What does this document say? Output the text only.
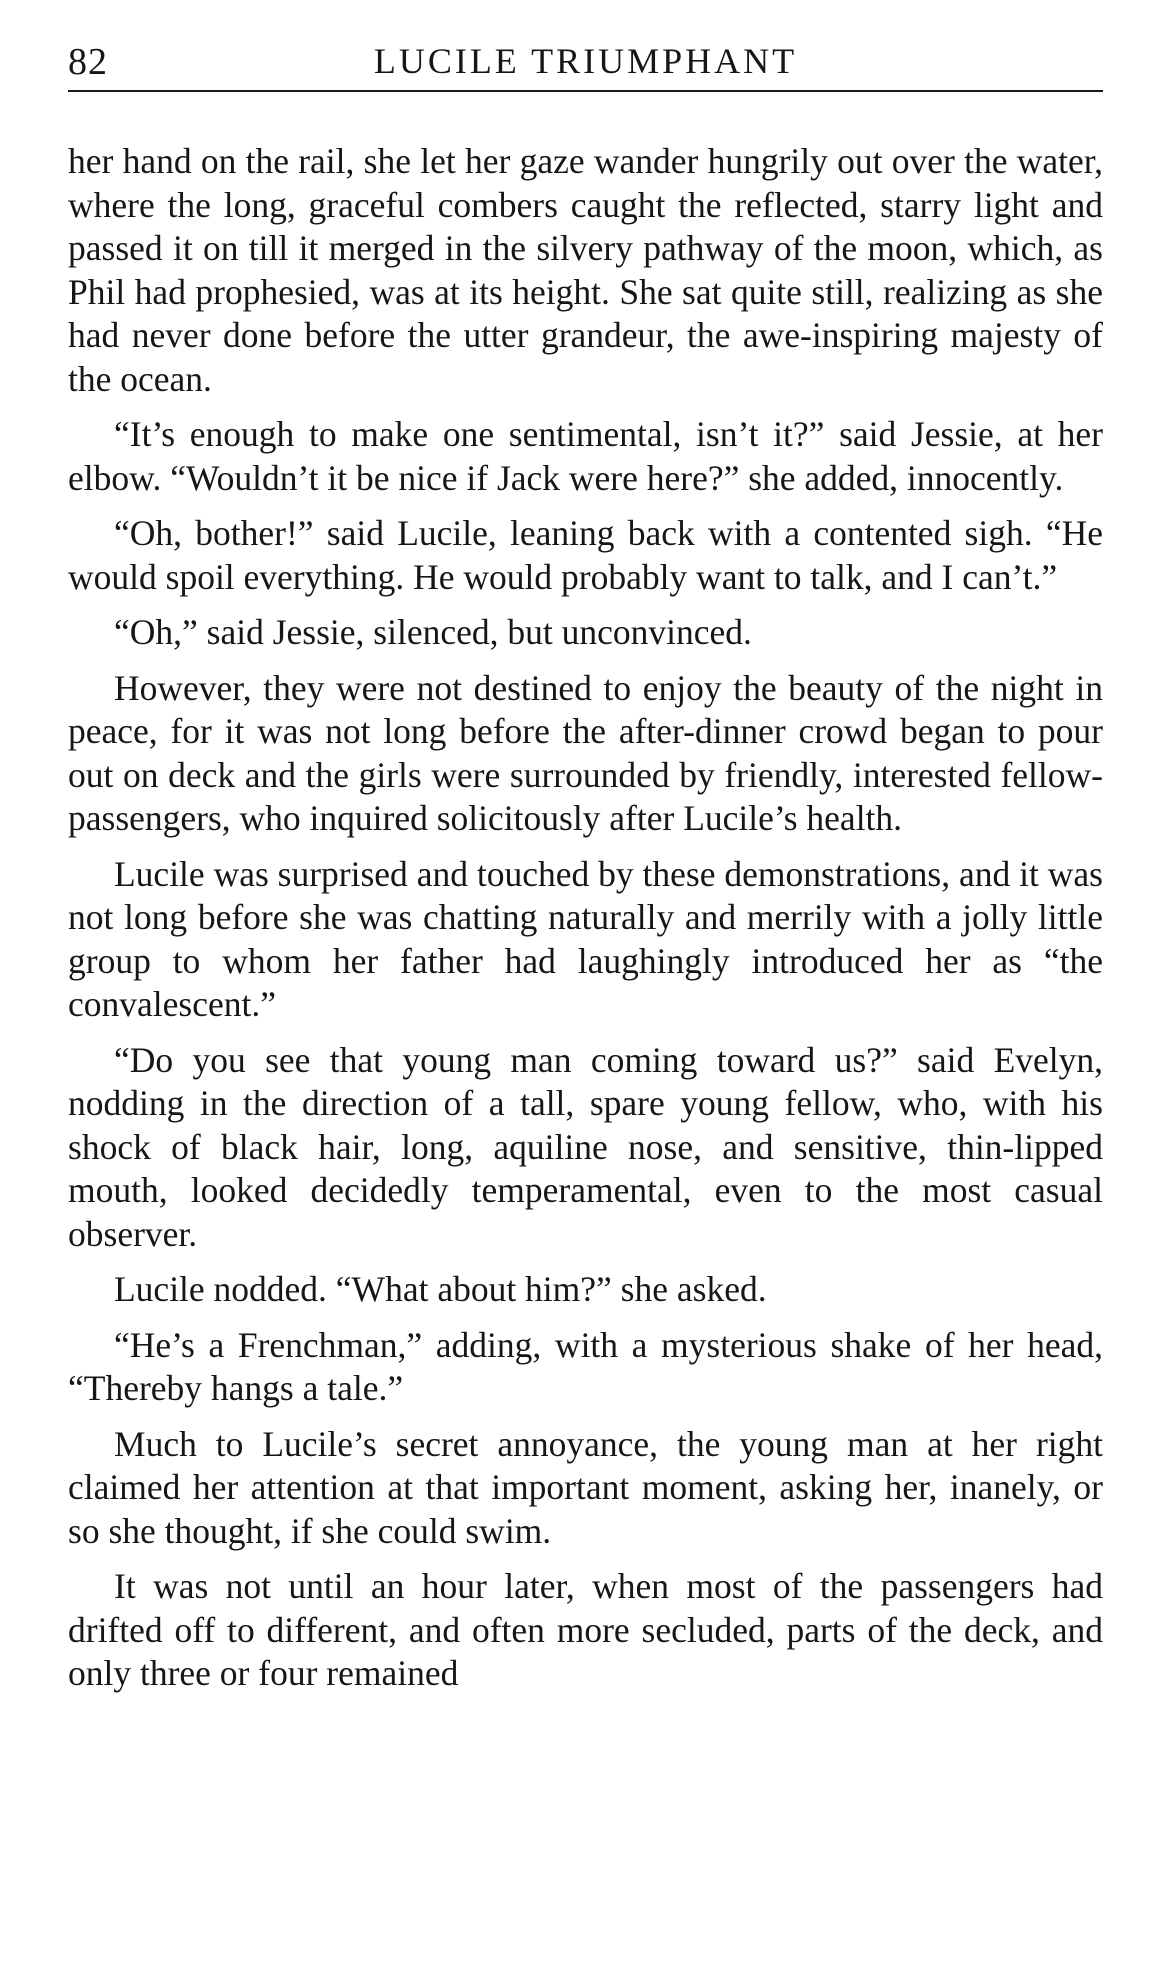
82	LUCILE TRIUMPHANT

her hand on the rail, she let her gaze wander hungrily out over the water, where the long, graceful combers caught the reflected, starry light and passed it on till it merged in the silvery pathway of the moon, which, as Phil had prophesied, was at its height. She sat quite still, realizing as she had never done before the utter grandeur, the awe-inspiring majesty of the ocean.

“It’s enough to make one sentimental, isn’t it?” said Jessie, at her elbow. “Wouldn’t it be nice if Jack were here?” she added, innocently.

“Oh, bother!” said Lucile, leaning back with a contented sigh. “He would spoil everything. He would probably want to talk, and I can’t.”

“Oh,” said Jessie, silenced, but unconvinced.

However, they were not destined to enjoy the beauty of the night in peace, for it was not long before the after-dinner crowd began to pour out on deck and the girls were surrounded by friendly, interested fellow-passengers, who inquired solicitously after Lucile’s health.

Lucile was surprised and touched by these demonstrations, and it was not long before she was chatting naturally and merrily with a jolly little group to whom her father had laughingly introduced her as “the convalescent.”

“Do you see that young man coming toward us?” said Evelyn, nodding in the direction of a tall, spare young fellow, who, with his shock of black hair, long, aquiline nose, and sensitive, thin-lipped mouth, looked decidedly temperamental, even to the most casual observer.

Lucile nodded. “What about him?” she asked.

“He’s a Frenchman,” adding, with a mysterious shake of her head, “Thereby hangs a tale.”

Much to Lucile’s secret annoyance, the young man at her right claimed her attention at that important moment, asking her, inanely, or so she thought, if she could swim.

It was not until an hour later, when most of the passengers had drifted off to different, and often more secluded, parts of the deck, and only three or four remained
